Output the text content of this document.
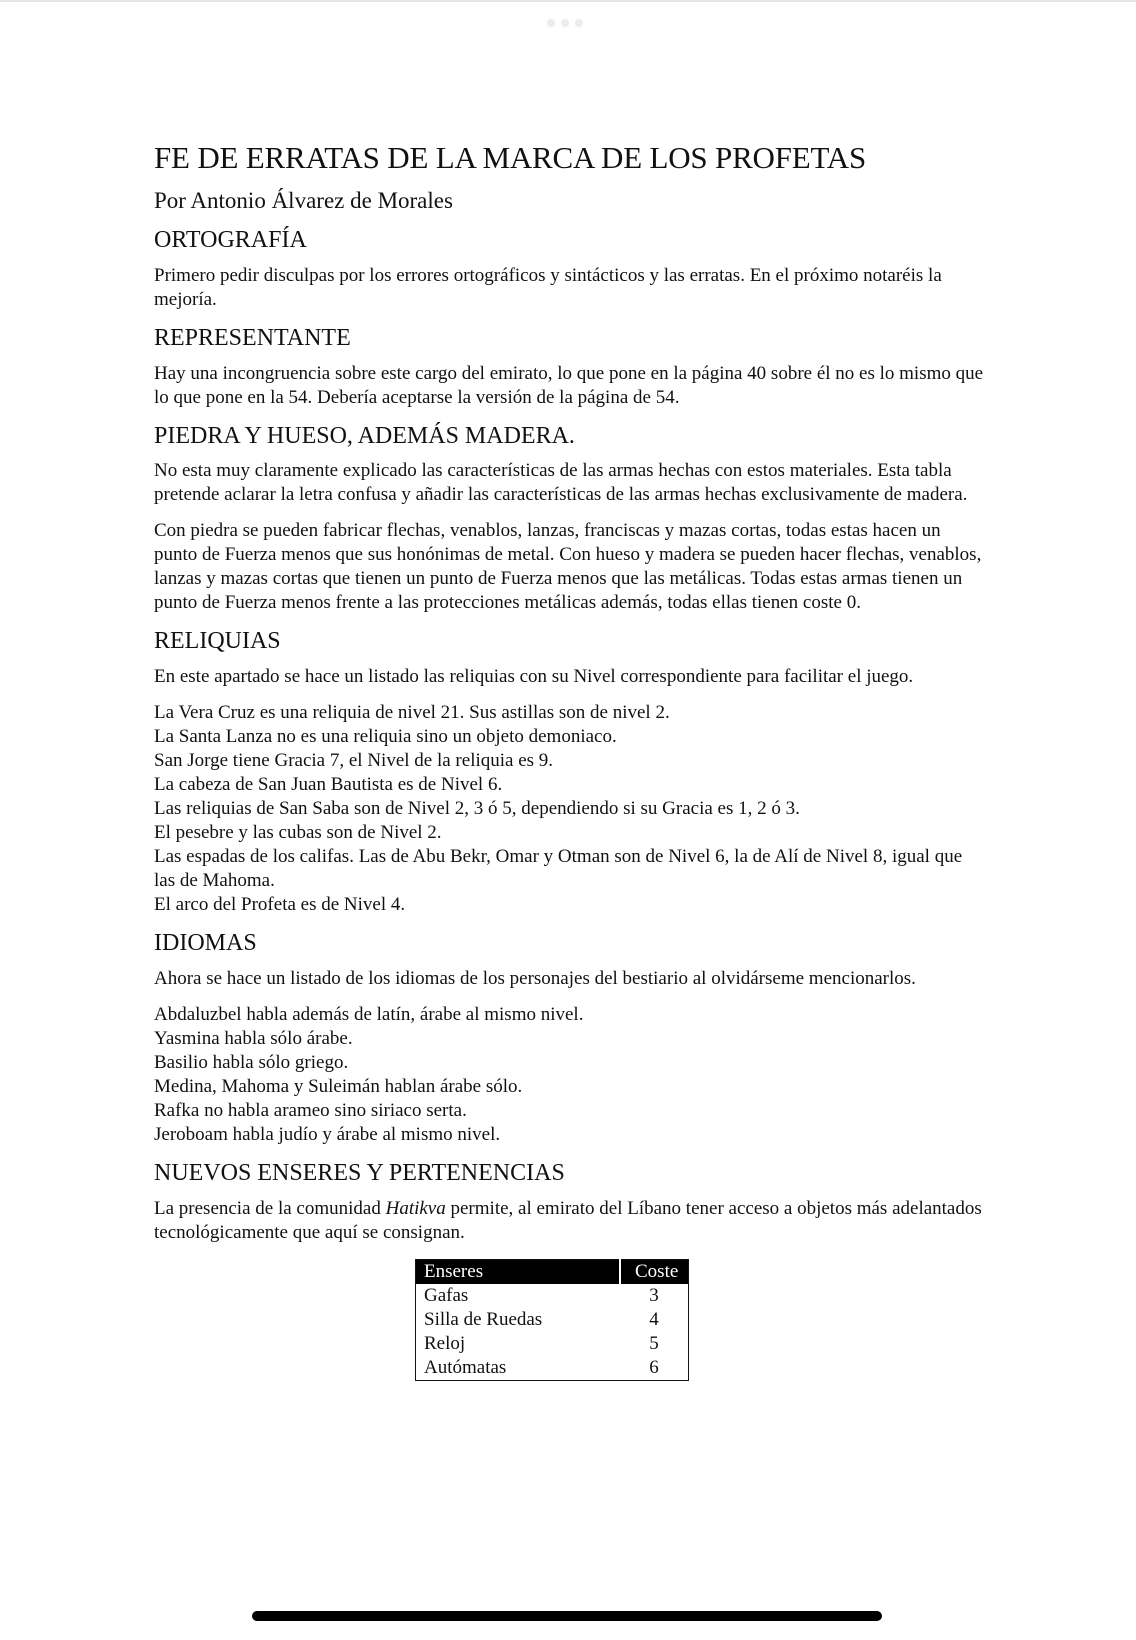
FE DE ERRATAS DE LA MARCA DE LOS PROFETAS
Por Antonio Álvarez de Morales
ORTOGRAFÍA

Primero pedir disculpas por los errores ortográficos y sintácticos y las erratas. En el próximo notaréis la mejoría.

REPRESENTANTE

Hay una incongruencia sobre este cargo del emirato, lo que pone en la página 40 sobre él no es lo mismo que lo que pone en la 54. Debería aceptarse la versión de la página de 54.

PIEDRA Y HUESO, ADEMÁS MADERA.

No esta muy claramente explicado las características de las armas hechas con estos materiales. Esta tabla pretende aclarar la letra confusa y añadir las características de las armas hechas exclusivamente de madera.

Con piedra se pueden fabricar flechas, venablos, lanzas, franciscas y mazas cortas, todas estas hacen un punto de Fuerza menos que sus honónimas de metal. Con hueso y madera se pueden hacer flechas, venablos, lanzas y mazas cortas que tienen un punto de Fuerza menos que las metálicas. Todas estas armas tienen un punto de Fuerza menos frente a las protecciones metálicas además, todas ellas tienen coste 0.

RELIQUIAS

En este apartado se hace un listado las reliquias con su Nivel correspondiente para facilitar el juego.

La Vera Cruz es una reliquia de nivel 21. Sus astillas son de nivel 2.
La Santa Lanza no es una reliquia sino un objeto demoniaco.
San Jorge tiene Gracia 7, el Nivel de la reliquia es 9.
La cabeza de San Juan Bautista es de Nivel 6.
Las reliquias de San Saba son de Nivel 2, 3 ó 5, dependiendo si su Gracia es 1, 2 ó 3.
El pesebre y las cubas son de Nivel 2.
Las espadas de los califas. Las de Abu Bekr, Omar y Otman son de Nivel 6, la de Alí de Nivel 8, igual que las de Mahoma.
El arco del Profeta es de Nivel 4.
IDIOMAS

Ahora se hace un listado de los idiomas de los personajes del bestiario al olvidárseme mencionarlos.

Abdaluzbel habla además de latín, árabe al mismo nivel.
Yasmina habla sólo árabe.
Basilio habla sólo griego.
Medina, Mahoma y Suleimán hablan árabe sólo.
Rafka no habla arameo sino siriaco serta.
Jeroboam habla judío y árabe al mismo nivel.
NUEVOS ENSERES Y PERTENENCIAS

La presencia de la comunidad Hatikva permite, al emirato del Líbano tener acceso a objetos más adelantados tecnológicamente que aquí se consignan.

Enseres	Coste
Gafas	3
Silla de Ruedas	4
Reloj	5
Autómatas	6
